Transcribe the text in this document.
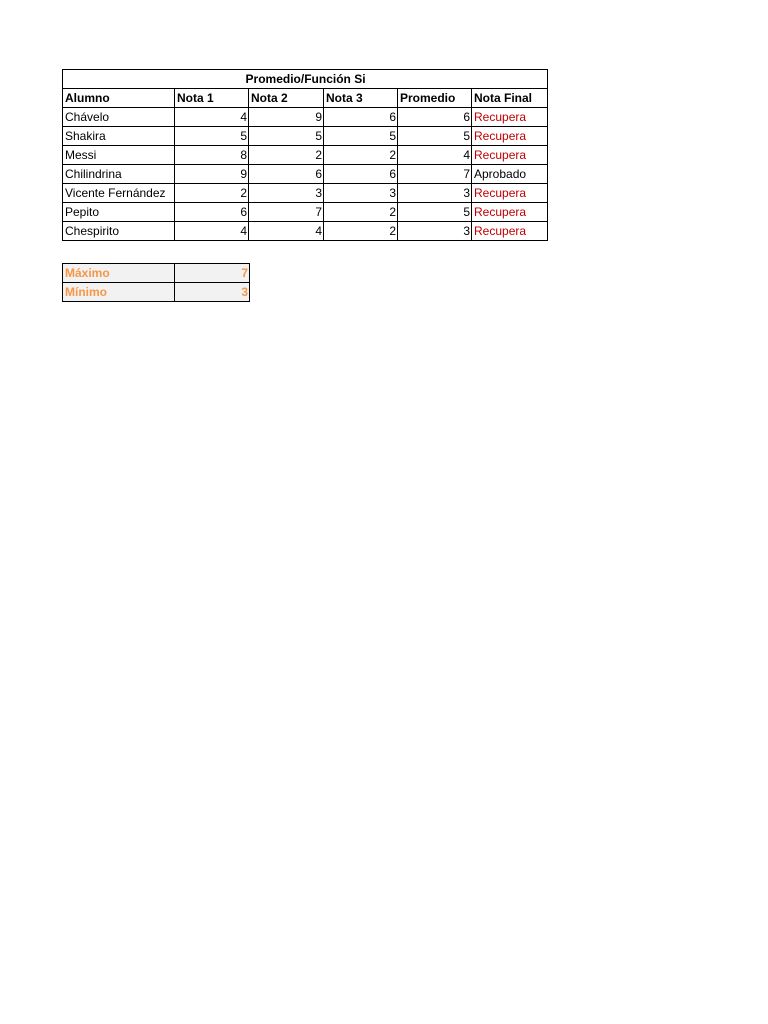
Promedio/Función Si					
Alumno	Nota 1	Nota 2	Nota 3	Promedio	Nota Final
Chávelo	4	9	6	6	Recupera
Shakira	5	5	5	5	Recupera
Messi	8	2	2	4	Recupera
Chilindrina	9	6	6	7	Aprobado
Vicente Fernández	2	3	3	3	Recupera
Pepito	6	7	2	5	Recupera
Chespirito	4	4	2	3	Recupera
Máximo	7
Mínimo	3
